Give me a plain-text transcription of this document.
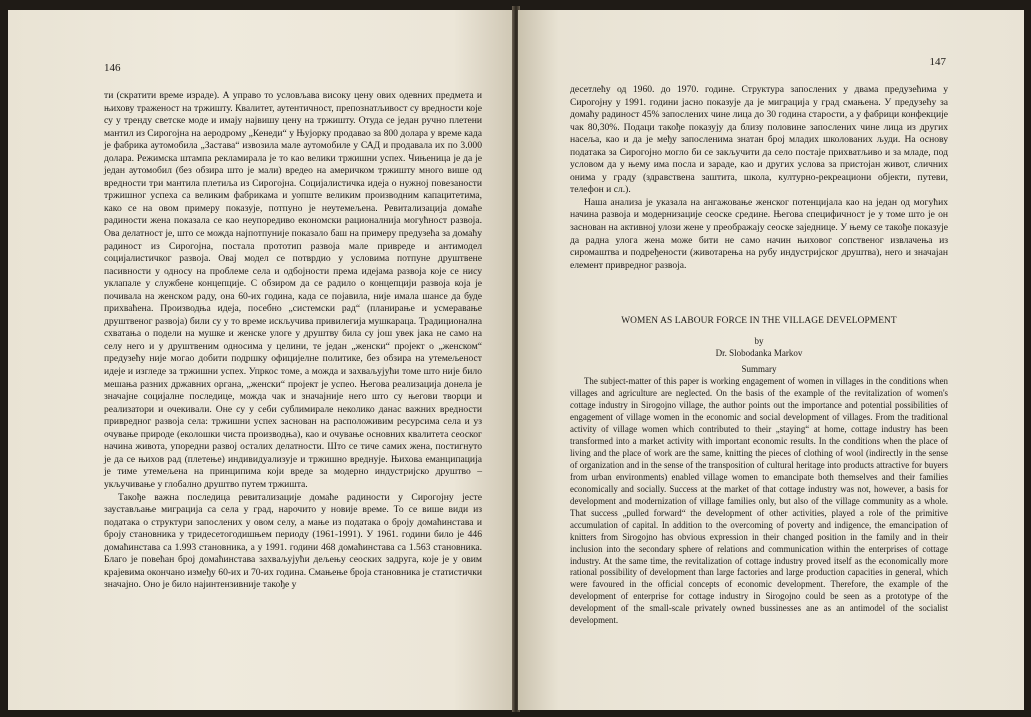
146

ти (скратити време израде). А управо то условљава високу цену ових одевних предмета и њихову траженост на тржишту. Квалитет, аутентичност, препознатљивост су вредности које су у тренду светске моде и имају највишу цену на тржишту. Отуда се један ручно плетени мантил из Сирогојна на аеродрому „Кенеди“ у Њујорку продавао за 800 долара у време када је фабрика аутомобила „Застава“ извозила мале аутомобиле у САД и продавала их по 3.000 долара. Режимска штампа рекламирала је то као велики тржишни успех. Чињеница је да је један аутомобил (без обзира што је мали) вредео на америчком тржишту много више од вредности три мантила плетиља из Сирогојна. Социјалистичка идеја о нужној повезаности тржишног успеха са великим фабрикама и уопште великим производним капацитетима, како се на овом примеру показује, потпуно је неутемељена. Ревитализација домаће радиности жена показала се као неупоредиво економски рационалнија могућност развоја. Ова делатност је, што се можда најпотпуније показало баш на примеру предузећа за домаћу радиност из Сирогојна, постала прототип развоја мале привреде и антимодел социјалистичког развоја. Овај модел се потврдио у условима потпуне друштвене пасивности у односу на проблеме села и одбојности према идејама развоја које се нису уклапале у службене концепције. С обзиром да се радило о концепцији развоја која је почивала на женском раду, она 60-их година, када се појавила, није имала шансе да буде прихваћена. Производња идеја, посебно „системски рад“ (планирање и усмеравање друштвеног развоја) били су у то време искључива привилегија мушкараца. Традиционална схватања о подели на мушке и женске улоге у друштву била су још увек јака не само на селу него и у друштвеним односима у целини, те један „женски“ пројект о „женском“ предузећу није могао добити подршку официјелне политике, без обзира на утемељеност идеје и изгледе за тржишни успех. Упркос томе, а можда и захваљујући томе што није било мешања разних државних органа, „женски“ пројект је успео. Његова реализација донела је значајне социјалне последице, можда чак и значајније него што су његови творци и реализатори и очекивали. Оне су у себи сублимирале неколико данас важних вредности привредног развоја села: тржишни успех заснован на расположивим ресурсима села и уз очување природе (еколошки чиста производња), као и очување основних квалитета сеоског начина живота, упоредни развој осталих делатности. Што се тиче самих жена, постигнуто је да се њихов рад (плетење) индивидуализује и тржишно вреднује. Њихова еманципација је тиме утемељена на принципима који вреде за модерно индустријско друштво – укључивање у глобално друштво путем тржишта.

Такође важна последица ревитализације домаће радиности у Сирогојну јесте заустављање миграција са села у град, нарочито у новије време. То се више види из података о структури запослених у овом селу, а мање из података о броју домаћинстава и броју становника у тридесетогодишњем периоду (1961-1991). У 1961. години било је 446 домаћинстава са 1.993 становника, а у 1991. години 468 домаћинстава са 1.563 становника. Благо је повећан број домаћинстава захваљујући дељењу сеоских задруга, које је у овим крајевима окончано између 60-их и 70-их година. Смањење броја становника је статистички значајно. Оно је било најинтензивније такође у

147

десетлећу од 1960. до 1970. године. Структура запослених у двама предузећима у Сирогојну у 1991. години јасно показује да је миграција у град смањена. У предузећу за домаћу радиност 45% запослених чине лица до 30 година старости, а у фабрици конфекције чак 80,30%. Подаци такође показују да близу половине запослених чине лица из других насеља, као и да је међу запосленима знатан број младих школованих људи. На основу података за Сирогојно могло би се закључити да село постаје прихватљиво и за младе, под условом да у њему има посла и зараде, као и других услова за пристојан живот, сличних онима у граду (здравствена заштита, школа, културно-рекреациони објекти, путеви, телефон и сл.).

Наша анализа је указала на ангажовање женског потенцијала као на један од могућих начина развоја и модернизације сеоске средине. Његова специфичност је у томе што је он заснован на активној улози жене у преображају сеоске заједнице. У њему се такође показује да радна улога жена може бити не само начин њиховог сопственог извлачења из сиромаштва и подређености (животарења на рубу индустријског друштва), него и значајан елемент привредног развоја.

WOMEN AS LABOUR FORCE IN THE VILLAGE DEVELOPMENT
by
Dr. Slobodanka Markov
Summary

The subject-matter of this paper is working engagement of women in villages in the conditions when villages and agriculture are neglected. On the basis of the example of the revitalization of women's cottage industry in Sirogojno village, the author points out the importance and potential possibilities of engagement of village women in the economic and social development of villages. From the traditional activity of village women which contributed to their „staying“ at home, cottage industry has been transformed into a market activity with important economic results. In the conditions when the place of living and the place of work are the same, knitting the pieces of clothing of wool (indirectly in the sense of organization and in the sense of the transposition of cultural heritage into products attractive for buyers from urban environments) enabled village women to emancipate both themselves and their families economically and socially. Success at the market of that cottage industry was not, however, a basis for development and modernization of village families only, but also of the village community as a whole. That success „pulled forward“ the development of other activities, played a role of the primitive accumulation of capital. In addition to the overcoming of poverty and indigence, the emancipation of knitters from Sirogojno has obvious expression in their changed position in the family and in their inclusion into the secondary sphere of relations and communication within the enterprises of cottage industry. At the same time, the revitalization of cottage industry proved itself as the economically more rational possibility of development than large factories and large production capacities in general, which were favoured in the official concepts of economic development. Therefore, the example of the development of enterprise for cottage industry in Sirogojno could be seen as a prototype of the development of the small-scale privately owned bussinesses ane as an antimodel of the socialist development.
